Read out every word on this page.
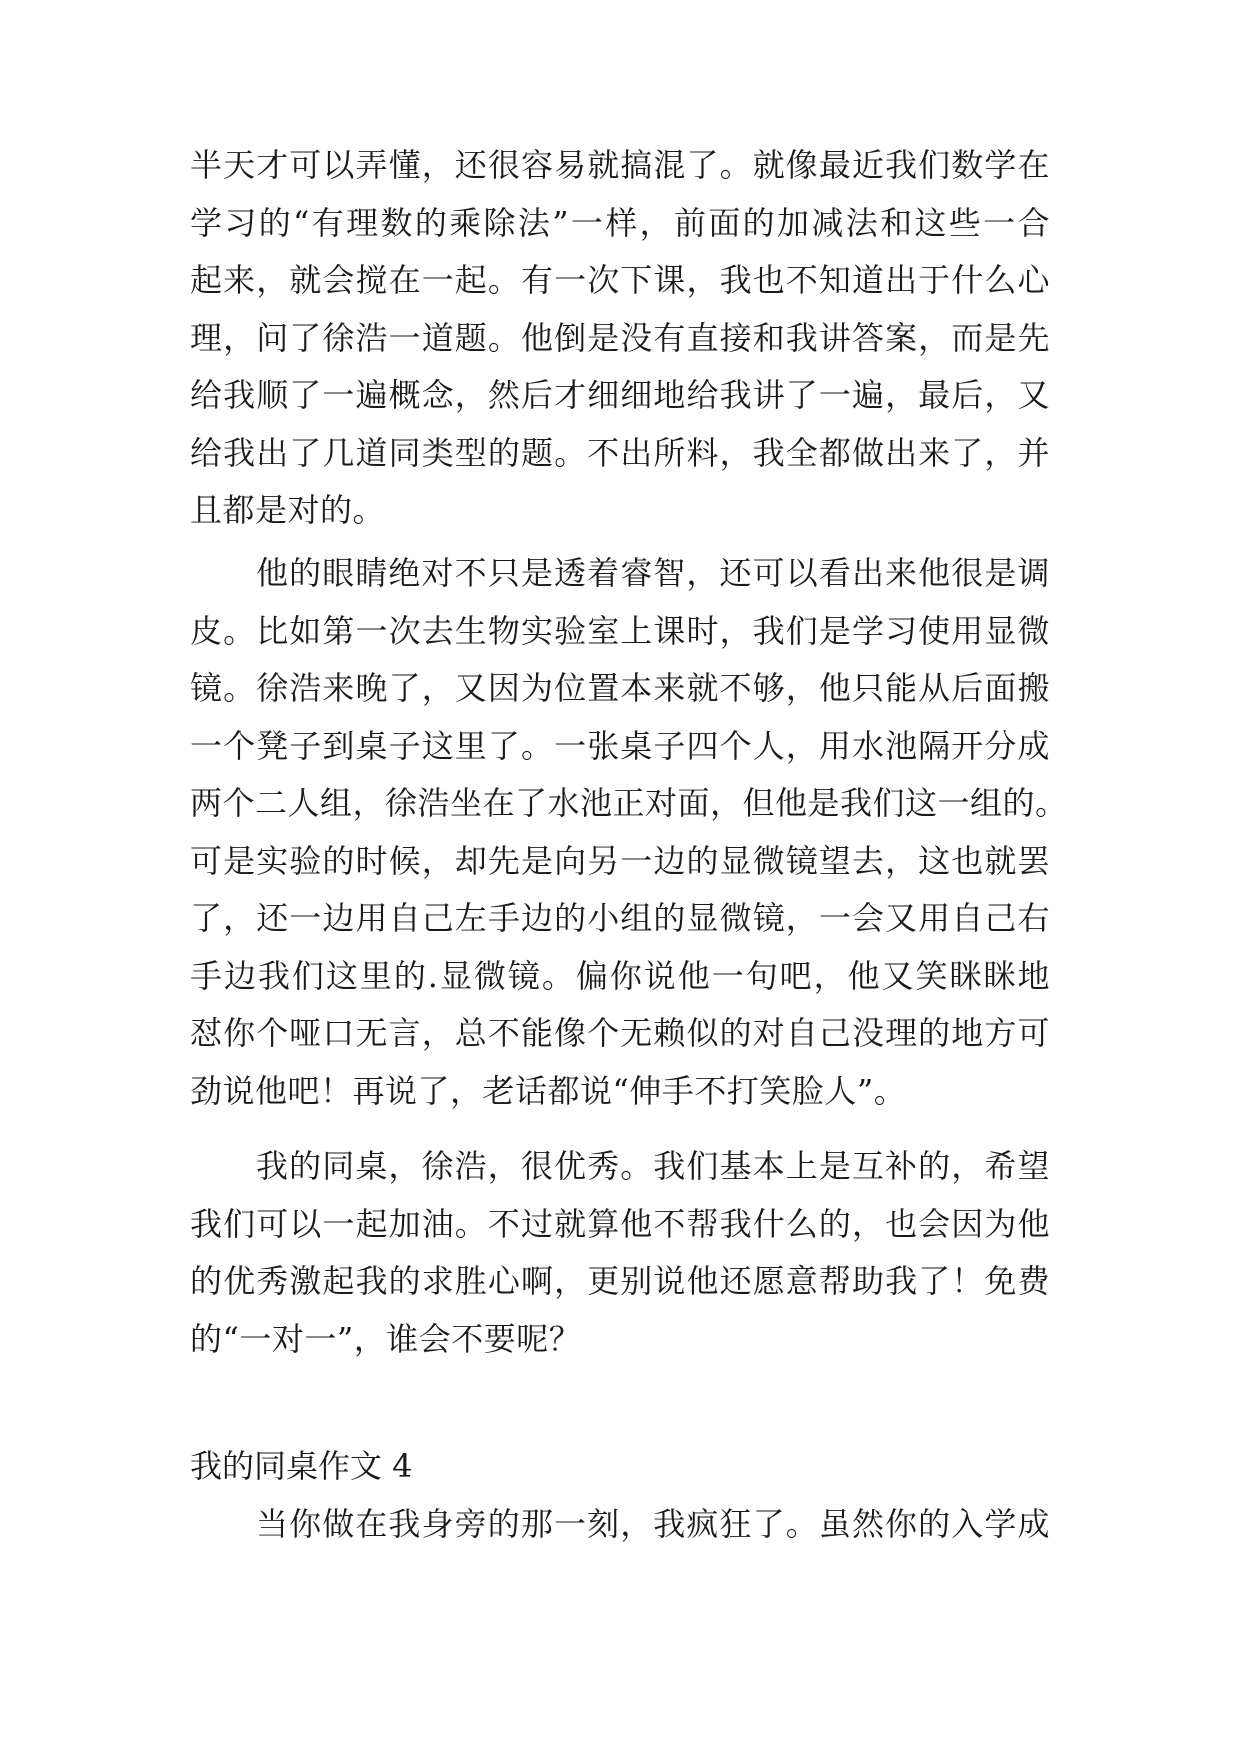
半天才可以弄懂，还很容易就搞混了。就像最近我们数学在
学习的“有理数的乘除法”一样，前面的加减法和这些一合
起来，就会搅在一起。有一次下课，我也不知道出于什么心
理，问了徐浩一道题。他倒是没有直接和我讲答案，而是先
给我顺了一遍概念，然后才细细地给我讲了一遍，最后，又
给我出了几道同类型的题。不出所料，我全都做出来了，并
且都是对的。
他的眼睛绝对不只是透着睿智，还可以看出来他很是调
皮。比如第一次去生物实验室上课时，我们是学习使用显微
镜。徐浩来晚了，又因为位置本来就不够，他只能从后面搬
一个凳子到桌子这里了。一张桌子四个人，用水池隔开分成
两个二人组，徐浩坐在了水池正对面，但他是我们这一组的。
可是实验的时候，却先是向另一边的显微镜望去，这也就罢
了，还一边用自己左手边的小组的显微镜，一会又用自己右
手边我们这里的.显微镜。偏你说他一句吧，他又笑眯眯地
怼你个哑口无言，总不能像个无赖似的对自己没理的地方可
劲说他吧！再说了，老话都说“伸手不打笑脸人”。
我的同桌，徐浩，很优秀。我们基本上是互补的，希望
我们可以一起加油。不过就算他不帮我什么的，也会因为他
的优秀激起我的求胜心啊，更别说他还愿意帮助我了！免费
的“一对一”，谁会不要呢？
我的同桌作文 4
当你做在我身旁的那一刻，我疯狂了。虽然你的入学成
